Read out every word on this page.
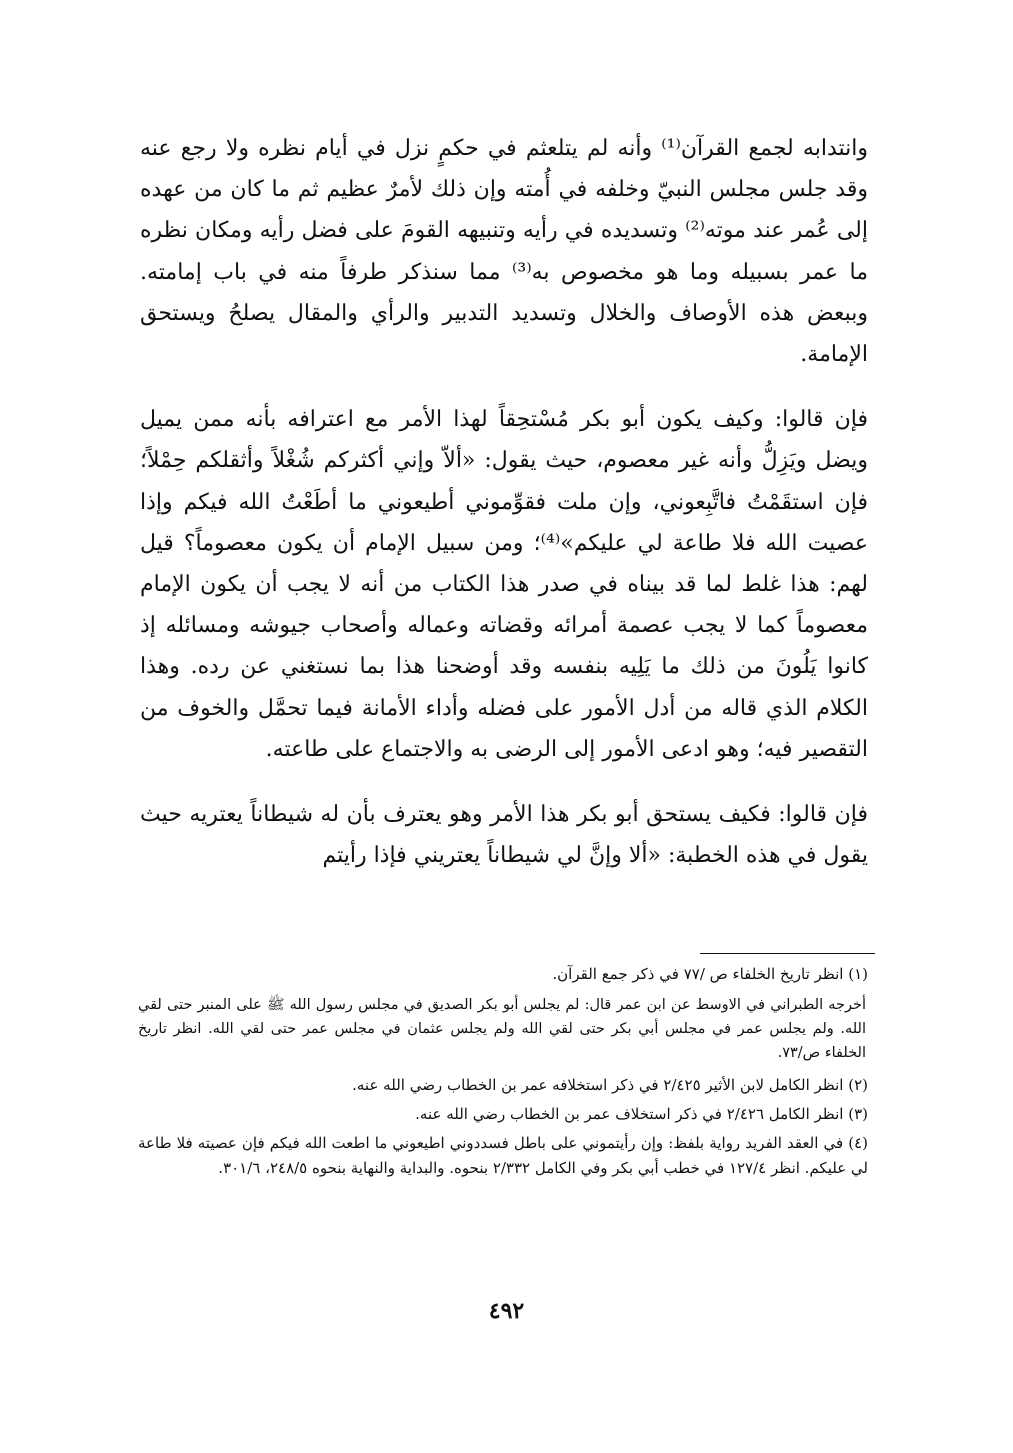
وانتدابه لجمع القرآن⁽¹⁾ وأنه لم يتلعثم في حكمٍ نزل في أيام نظره ولا رجع عنه وقد جلس مجلس النبيّ وخلفه في أُمته وإن ذلك لأمرٌ عظيم ثم ما كان من عهده إلى عُمر عند موته⁽²⁾ وتسديده في رأيه وتنبيهه القومَ على فضل رأيه ومكان نظره ما عمر بسبيله وما هو مخصوص به⁽³⁾ مما سنذكر طرفاً منه في باب إمامته. وببعض هذه الأوصاف والخلال وتسديد التدبير والرأي والمقال يصلحُ ويستحق الإمامة.

فإن قالوا: وكيف يكون أبو بكر مُسْتحِقاً لهذا الأمر مع اعترافه بأنه ممن يميل ويضل ويَزِلُّ وأنه غير معصوم، حيث يقول: «ألاّ وإني أكثركم شُغْلاً وأثقلكم حِمْلاً؛ فإن استقَمْتُ فاتَّبِعوني، وإن ملت فقوِّموني أطيعوني ما أطَعْتُ الله فيكم وإذا عصيت الله فلا طاعة لي عليكم»⁽⁴⁾؛ ومن سبيل الإمام أن يكون معصوماً؟ قيل لهم: هذا غلط لما قد بيناه في صدر هذا الكتاب من أنه لا يجب أن يكون الإمام معصوماً كما لا يجب عصمة أمرائه وقضاته وعماله وأصحاب جيوشه ومسائله إذ كانوا يَلُونَ من ذلك ما يَلِيه بنفسه وقد أوضحنا هذا بما نستغني عن رده. وهذا الكلام الذي قاله من أدل الأمور على فضله وأداء الأمانة فيما تحمَّل والخوف من التقصير فيه؛ وهو ادعى الأمور إلى الرضى به والاجتماع على طاعته.

فإن قالوا: فكيف يستحق أبو بكر هذا الأمر وهو يعترف بأن له شيطاناً يعتريه حيث يقول في هذه الخطبة: «ألا وإنَّ لي شيطاناً يعتريني فإذا رأيتم

(١) انظر تاريخ الخلفاء ص /٧٧ في ذكر جمع القرآن.

أخرجه الطبراني في الاوسط عن ابن عمر قال: لم يجلس أبو بكر الصديق في مجلس رسول الله ﷺ على المنبر حتى لقي الله. ولم يجلس عمر في مجلس أبي بكر حتى لقي الله ولم يجلس عثمان في مجلس عمر حتى لقي الله. انظر تاريخ الخلفاء ص/٧٣.

(٢) انظر الكامل لابن الأثير ٢/٤٢٥ في ذكر استخلافه عمر بن الخطاب رضي الله عنه.

(٣) انظر الكامل ٢/٤٢٦ في ذكر استخلاف عمر بن الخطاب رضي الله عنه.

(٤) في العقد الفريد رواية بلفظ: وإن رأيتموني على باطل فسددوني اطيعوني ما اطعت الله فيكم فإن عصيته فلا طاعة لي عليكم. انظر ١٢٧/٤ في خطب أبي بكر وفي الكامل ٢/٣٣٢ بنحوه. والبداية والنهاية بنحوه ٢٤٨/٥، ٣٠١/٦.

٤٩٢
